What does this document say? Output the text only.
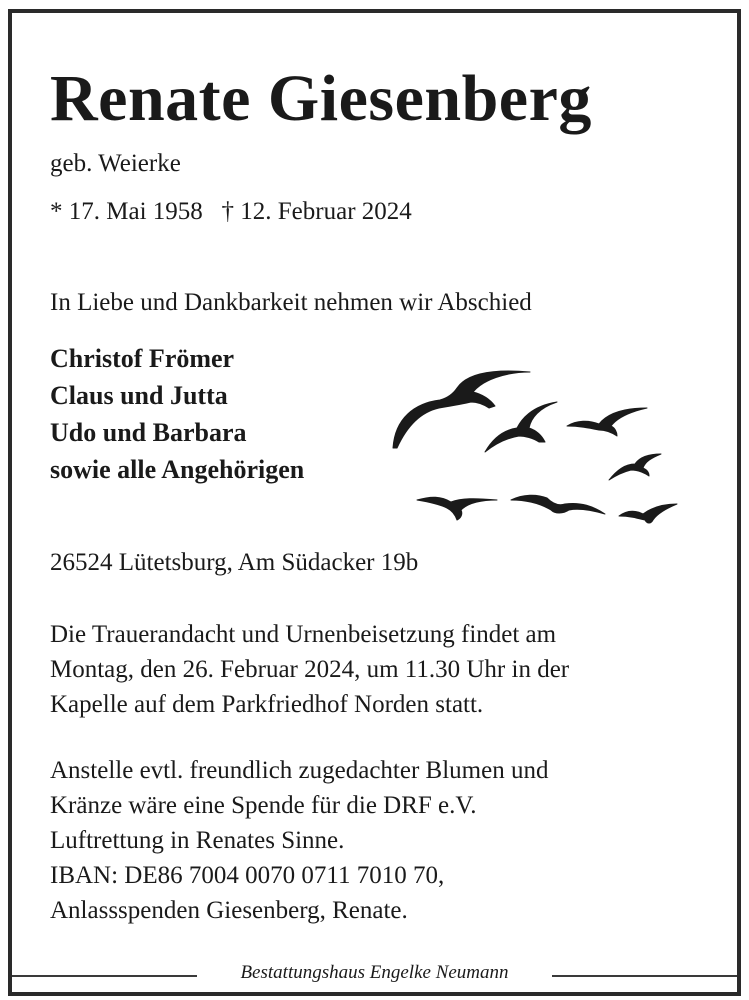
Renate Giesenberg
geb. Weierke
* 17. Mai 1958   † 12. Februar 2024
In Liebe und Dankbarkeit nehmen wir Abschied
Christof Frömer
Claus und Jutta
Udo und Barbara
sowie alle Angehörigen
26524 Lütetsburg, Am Südacker 19b
Die Trauerandacht und Urnenbeisetzung findet am
Montag, den 26. Februar 2024, um 11.30 Uhr in der
Kapelle auf dem Parkfriedhof Norden statt.
Anstelle evtl. freundlich zugedachter Blumen und
Kränze wäre eine Spende für die DRF e.V.
Luftrettung in Renates Sinne.
IBAN: DE86 7004 0070 0711 7010 70,
Anlassspenden Giesenberg, Renate.
Bestattungshaus Engelke Neumann
